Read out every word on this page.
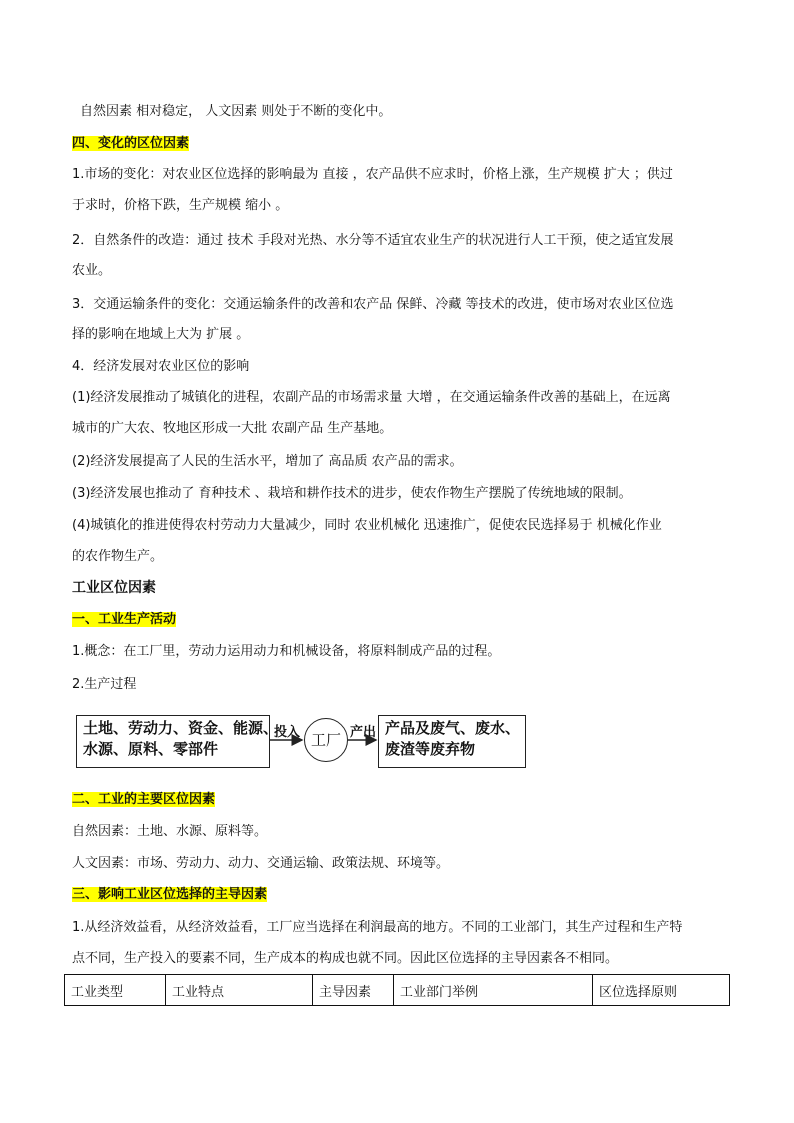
自然因素 相对稳定， 人文因素 则处于不断的变化中。
四、变化的区位因素
1.市场的变化：对农业区位选择的影响最为 直接 ，农产品供不应求时，价格上涨，生产规模 扩大 ；供过
于求时，价格下跌，生产规模 缩小 。
2．自然条件的改造：通过 技术 手段对光热、水分等不适宜农业生产的状况进行人工干预，使之适宜发展
农业。
3．交通运输条件的变化：交通运输条件的改善和农产品 保鲜、冷藏 等技术的改进，使市场对农业区位选
择的影响在地域上大为 扩展 。
4．经济发展对农业区位的影响
(1)经济发展推动了城镇化的进程，农副产品的市场需求量 大增 ，在交通运输条件改善的基础上，在远离
城市的广大农、牧地区形成一大批 农副产品 生产基地。
(2)经济发展提高了人民的生活水平，增加了 高品质 农产品的需求。
(3)经济发展也推动了 育种技术 、栽培和耕作技术的进步，使农作物生产摆脱了传统地域的限制。
(4)城镇化的推进使得农村劳动力大量减少，同时 农业机械化 迅速推广，促使农民选择易于 机械化作业
的农作物生产。
工业区位因素
一、工业生产活动
1.概念：在工厂里，劳动力运用动力和机械设备，将原料制成产品的过程。
2.生产过程
土地、劳动力、资金、能源、
水源、原料、零部件
投入 工厂 产出 产品及废气、废水、
废渣等废弃物
二、工业的主要区位因素
自然因素：土地、水源、原料等。
人文因素：市场、劳动力、动力、交通运输、政策法规、环境等。
三、影响工业区位选择的主导因素
1.从经济效益看，从经济效益看，工厂应当选择在利润最高的地方。不同的工业部门，其生产过程和生产特
点不同，生产投入的要素不同，生产成本的构成也就不同。因此区位选择的主导因素各不相同。
工业类型	工业特点	主导因素	工业部门举例	区位选择原则
